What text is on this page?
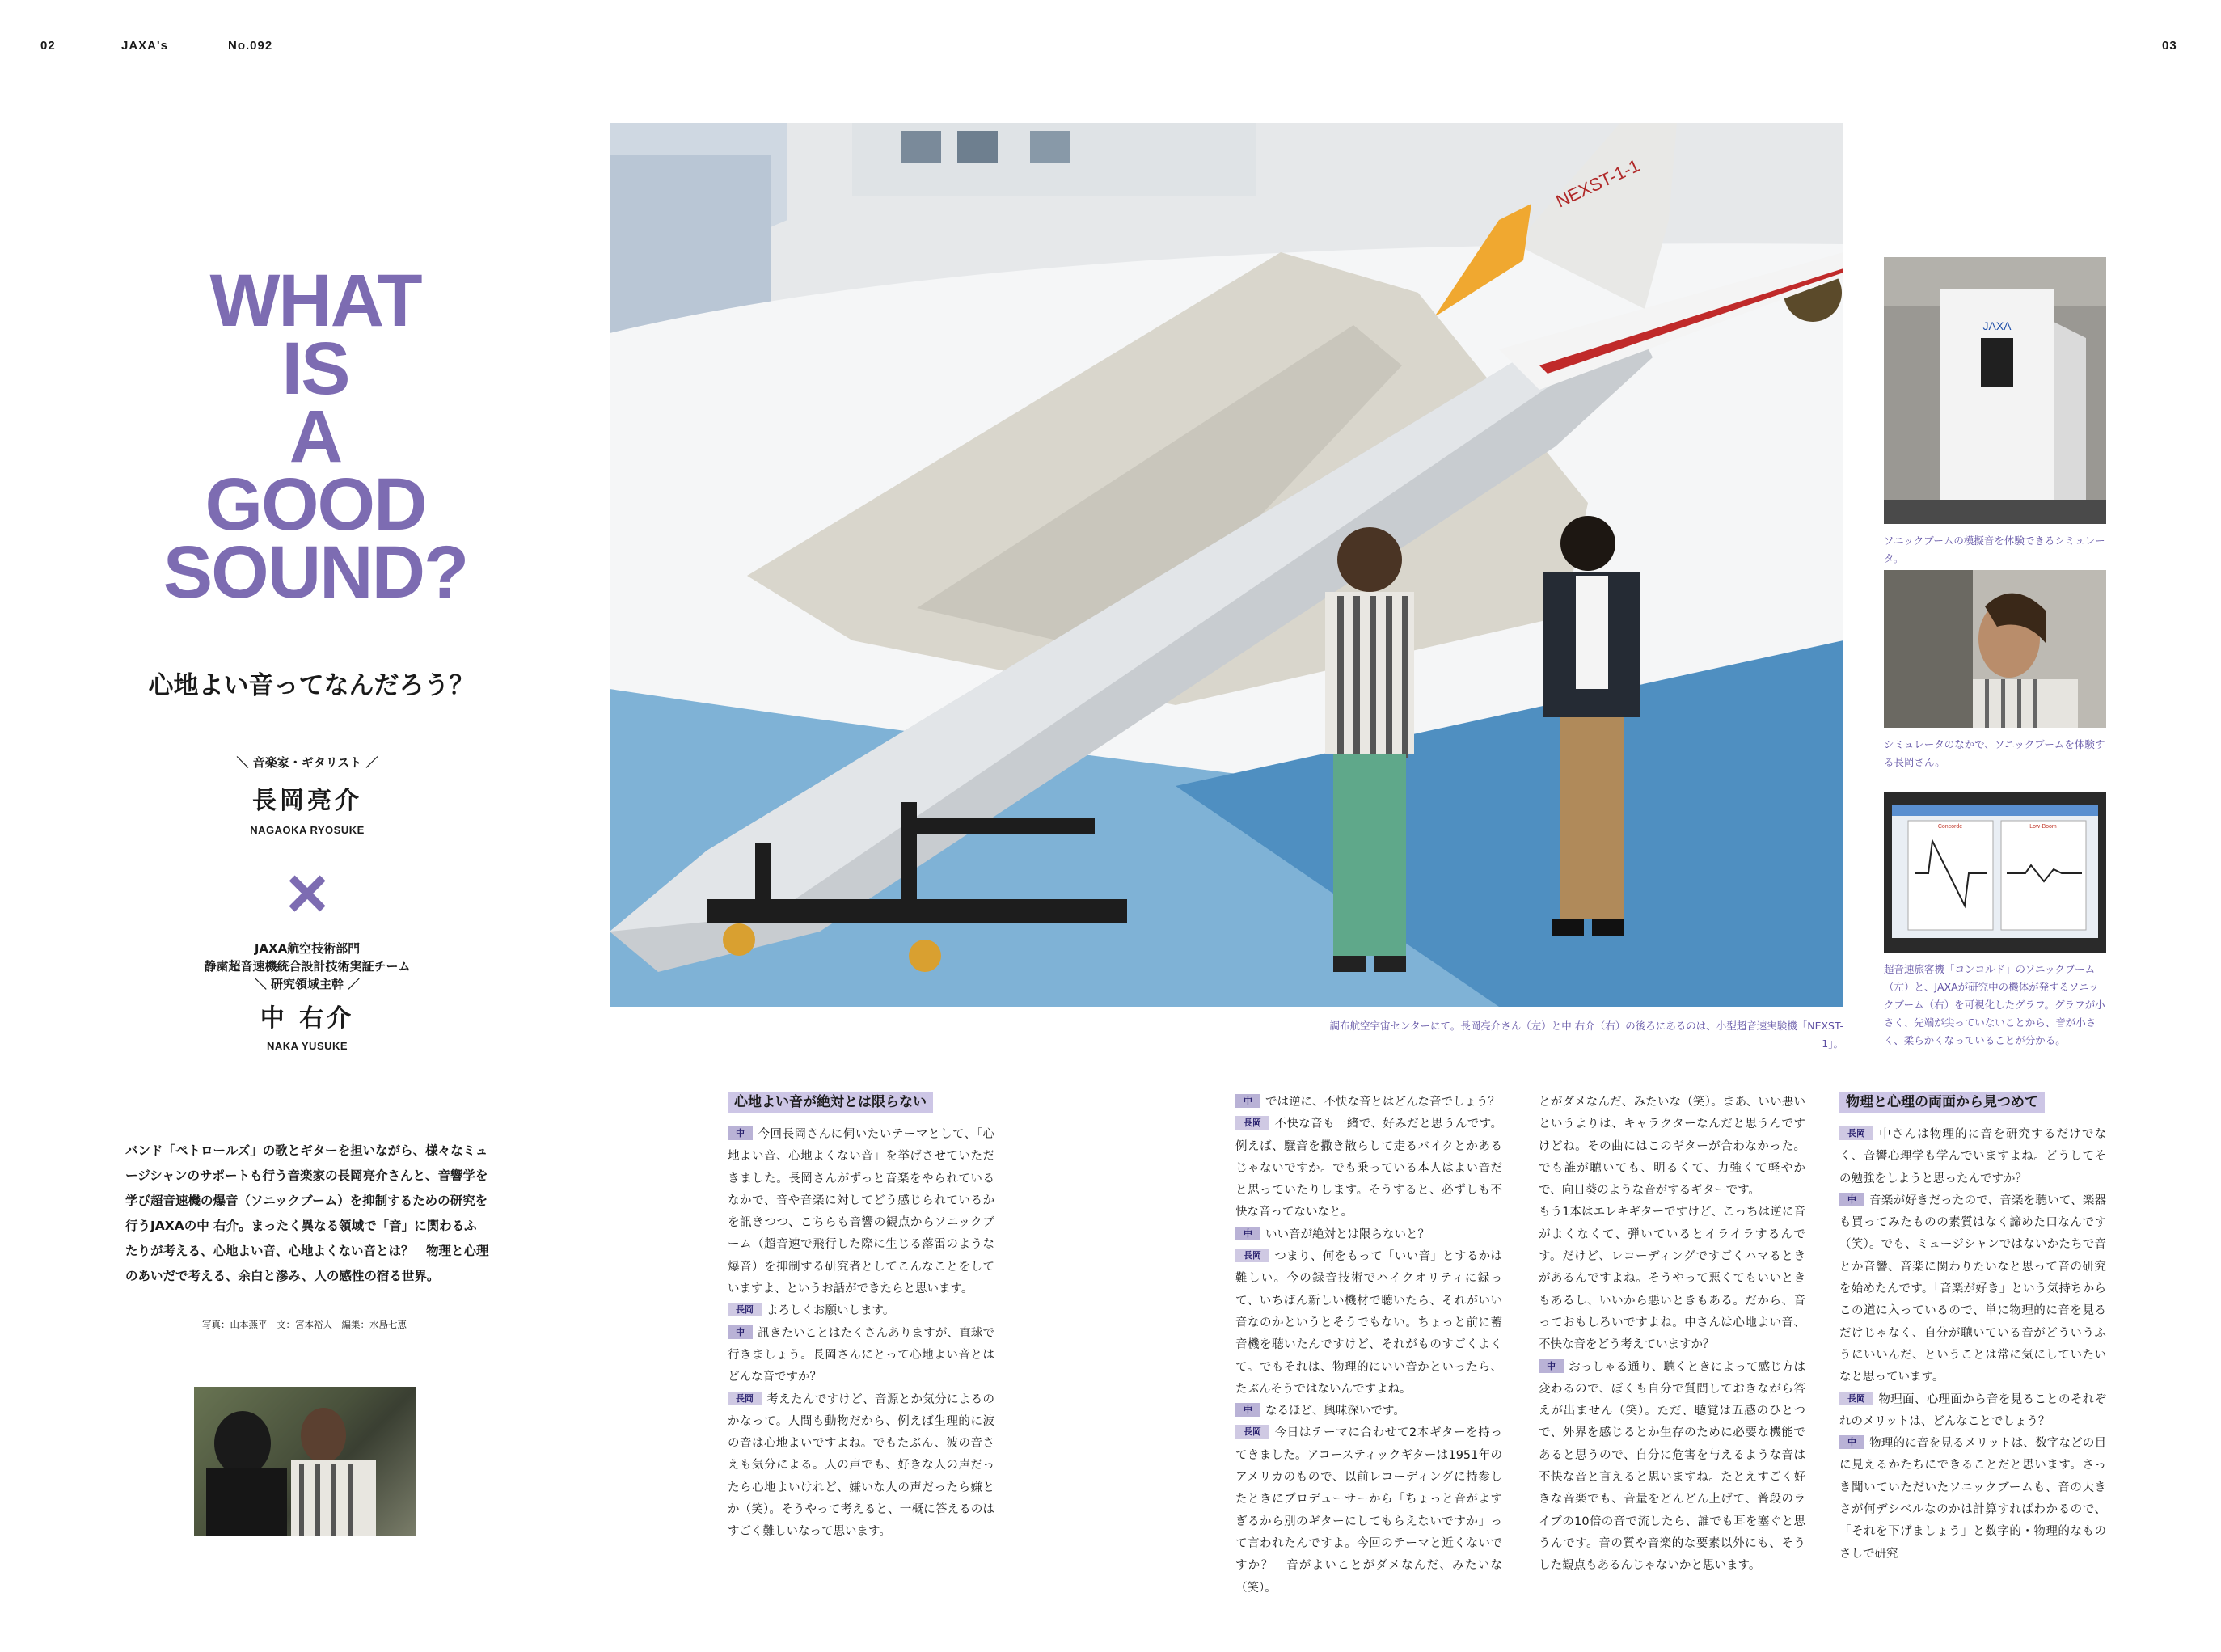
02	JAXA's	No.092	03
WHAT
IS
A
GOOD
SOUND?
心地よい音ってなんだろう？
＼ 音楽家・ギタリスト ／
長岡亮介
NAGAOKA RYOSUKE
×
JAXA航空技術部門
静粛超音速機統合設計技術実証チーム
＼ 研究領域主幹 ／
中 右介
NAKA YUSUKE
バンド「ペトロールズ」の歌とギターを担いながら、様々なミュージシャンのサポートも行う音楽家の長岡亮介さんと、音響学を学び超音速機の爆音（ソニックブーム）を抑制するための研究を行うJAXAの中 右介。まったく異なる領域で「音」に関わるふたりが考える、心地よい音、心地よくない音とは？　物理と心理のあいだで考える、余白と滲み、人の感性の宿る世界。
写真：山本燕平　文：宮本裕人　編集：水島七恵
NEXST-1-1
調布航空宇宙センターにて。長岡亮介さん（左）と中 右介（右）の後ろにあるのは、小型超音速実験機「NEXST-1」。
JAXA
ソニックブームの模擬音を体験できるシミュレータ。
シミュレータのなかで、ソニックブームを体験する長岡さん。
Concorde	Low-Boom
超音速旅客機「コンコルド」のソニックブーム（左）と、JAXAが研究中の機体が発するソニックブーム（右）を可視化したグラフ。グラフが小さく、先端が尖っていないことから、音が小さく、柔らかくなっていることが分かる。
心地よい音が絶対とは限らない

中 今回長岡さんに伺いたいテーマとして、「心地よい音、心地よくない音」を挙げさせていただきました。長岡さんがずっと音楽をやられているなかで、音や音楽に対してどう感じられているかを訊きつつ、こちらも音響の観点からソニックブーム（超音速で飛行した際に生じる落雷のような爆音）を抑制する研究者としてこんなことをしていますよ、というお話ができたらと思います。

長岡 よろしくお願いします。

中 訊きたいことはたくさんありますが、直球で行きましょう。長岡さんにとって心地よい音とはどんな音ですか？

長岡 考えたんですけど、音源とか気分によるのかなって。人間も動物だから、例えば生理的に波の音は心地よいですよね。でもたぶん、波の音さえも気分による。人の声でも、好きな人の声だったら心地よいけれど、嫌いな人の声だったら嫌とか（笑）。そうやって考えると、一概に答えるのはすごく難しいなって思います。

中 では逆に、不快な音とはどんな音でしょう？

長岡 不快な音も一緒で、好みだと思うんです。例えば、騒音を撒き散らして走るバイクとかあるじゃないですか。でも乗っている本人はよい音だと思っていたりします。そうすると、必ずしも不快な音ってないなと。

中 いい音が絶対とは限らないと？

長岡 つまり、何をもって「いい音」とするかは難しい。今の録音技術でハイクオリティに録って、いちばん新しい機材で聴いたら、それがいい音なのかというとそうでもない。ちょっと前に蓄音機を聴いたんですけど、それがものすごくよくて。でもそれは、物理的にいい音かといったら、たぶんそうではないんですよね。

中 なるほど、興味深いです。

長岡 今日はテーマに合わせて2本ギターを持ってきました。アコースティックギターは1951年のアメリカのもので、以前レコーディングに持参したときにプロデューサーから「ちょっと音がよすぎるから別のギターにしてもらえないですか」って言われたんですよ。今回のテーマと近くないですか？　音がよいことがダメなんだ、みたいな（笑）。

とがダメなんだ、みたいな（笑）。まあ、いい悪いというよりは、キャラクターなんだと思うんですけどね。その曲にはこのギターが合わなかった。でも誰が聴いても、明るくて、力強くて軽やかで、向日葵のような音がするギターです。

もう1本はエレキギターですけど、こっちは逆に音がよくなくて、弾いているとイライラするんです。だけど、レコーディングですごくハマるときがあるんですよね。そうやって悪くてもいいときもあるし、いいから悪いときもある。だから、音っておもしろいですよね。中さんは心地よい音、不快な音をどう考えていますか？

中 おっしゃる通り、聴くときによって感じ方は変わるので、ぼくも自分で質問しておきながら答えが出ません（笑）。ただ、聴覚は五感のひとつで、外界を感じるとか生存のために必要な機能であると思うので、自分に危害を与えるような音は不快な音と言えると思いますね。たとえすごく好きな音楽でも、音量をどんどん上げて、普段のライブの10倍の音で流したら、誰でも耳を塞ぐと思うんです。音の質や音楽的な要素以外にも、そうした観点もあるんじゃないかと思います。

物理と心理の両面から見つめて

長岡 中さんは物理的に音を研究するだけでなく、音響心理学も学んでいますよね。どうしてその勉強をしようと思ったんですか？

中 音楽が好きだったので、音楽を聴いて、楽器も買ってみたものの素質はなく諦めた口なんです（笑）。でも、ミュージシャンではないかたちで音とか音響、音楽に関わりたいなと思って音の研究を始めたんです。「音楽が好き」という気持ちからこの道に入っているので、単に物理的に音を見るだけじゃなく、自分が聴いている音がどういうふうにいいんだ、ということは常に気にしていたいなと思っています。

長岡 物理面、心理面から音を見ることのそれぞれのメリットは、どんなことでしょう？

中 物理的に音を見るメリットは、数字などの目に見えるかたちにできることだと思います。さっき聞いていただいたソニックブームも、音の大きさが何デシベルなのかは計算すればわかるので、「それを下げましょう」と数字的・物理的なものさしで研究
